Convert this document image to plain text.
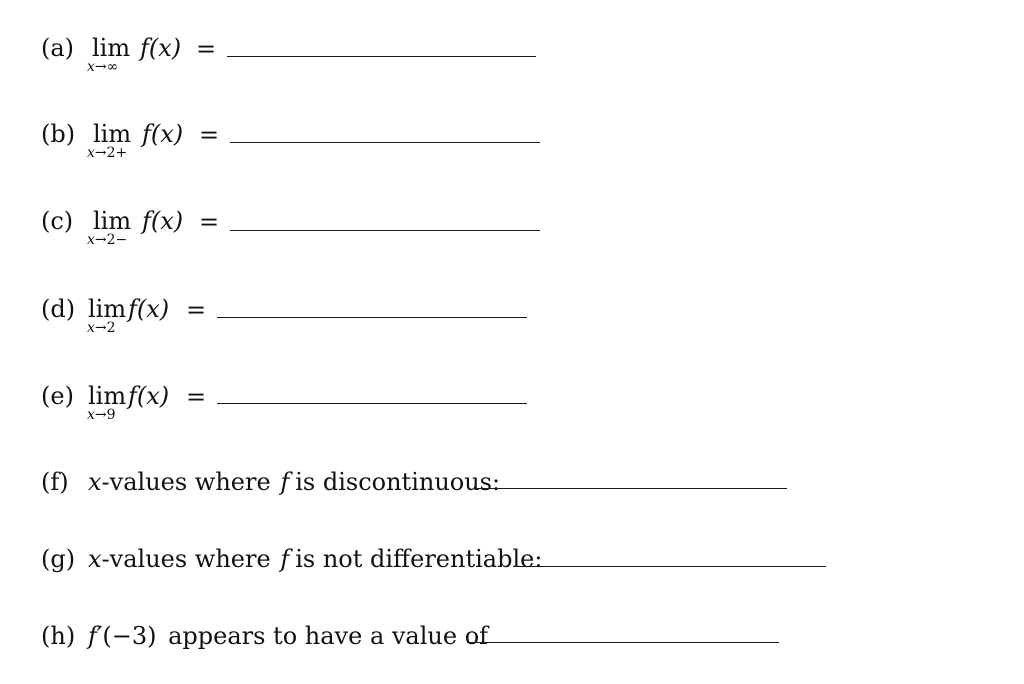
(a) lim
x→∞
f(x) =
(b) lim
x→2+
f(x) =
(c) lim
x→2−
f(x) =
(d) lim
x→2
f(x) =
(e) lim
x→9
f(x) =
(f) x-values where f is discontinuous:
(g) x-values where f is not differentiable:
(h) f′(−3) appears to have a value of
